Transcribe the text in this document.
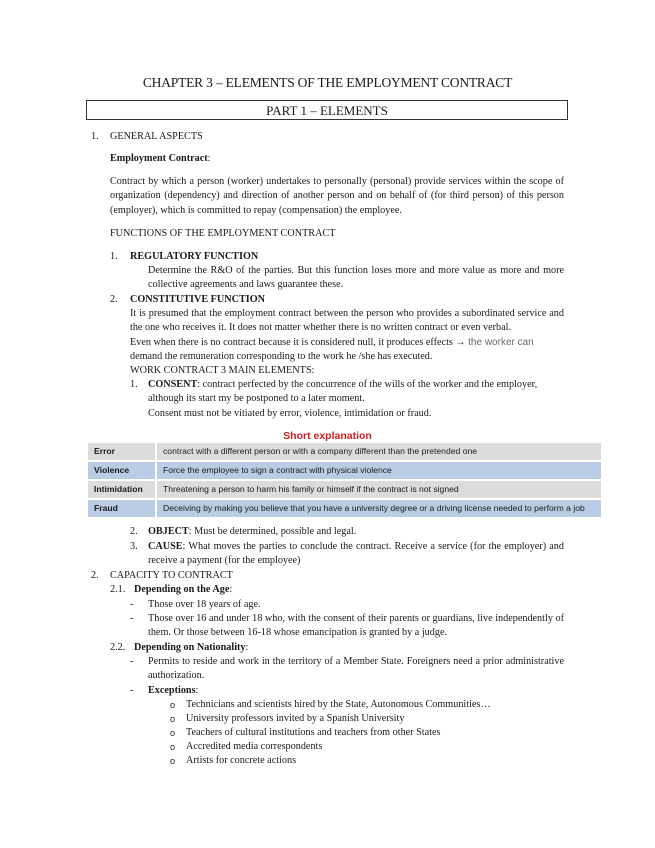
CHAPTER 3 – ELEMENTS OF THE EMPLOYMENT CONTRACT
PART 1 – ELEMENTS
1. GENERAL ASPECTS
Employment Contract:
Contract by which a person (worker) undertakes to personally (personal) provide services within the scope of organization (dependency) and direction of another person and on behalf of (for third person) of this person (employer), which is committed to repay (compensation) the employee.
FUNCTIONS OF THE EMPLOYMENT CONTRACT
1. REGULATORY FUNCTION
Determine the R&O of the parties. But this function loses more and more value as more and more collective agreements and laws guarantee these.
2. CONSTITUTIVE FUNCTION
It is presumed that the employment contract between the person who provides a subordinated service and the one who receives it. It does not matter whether there is no written contract or even verbal.
Even when there is no contract because it is considered null, it produces effects → the worker can
demand the remuneration corresponding to the work he /she has executed.
WORK CONTRACT 3 MAIN ELEMENTS:
1. CONSENT: contract perfected by the concurrence of the wills of the worker and the employer, although its start my be postponed to a later moment.
Consent must not be vitiated by error, violence, intimidation or fraud.
Short explanation
Error	contract with a different person or with a company different than the pretended one
Violence	Force the employee to sign a contract with physical violence
Intimidation	Threatening a person to harm his family or himself if the contract is not signed
Fraud	Deceiving by making you believe that you have a university degree or a driving license needed to perform a job
2. OBJECT: Must be determined, possible and legal.
3. CAUSE: What moves the parties to conclude the contract. Receive a service (for the employer) and receive a payment (for the employee)
2. CAPACITY TO CONTRACT
2.1. Depending on the Age:
- Those over 18 years of age.
- Those over 16 and under 18 who, with the consent of their parents or guardians, live independently of them. Or those between 16-18 whose emancipation is granted by a judge.
2.2. Depending on Nationality:
- Permits to reside and work in the territory of a Member State. Foreigners need a prior administrative authorization.
- Exceptions:
o Technicians and scientists hired by the State, Autonomous Communities…
o University professors invited by a Spanish University
o Teachers of cultural institutions and teachers from other States
o Accredited media correspondents
o Artists for concrete actions
